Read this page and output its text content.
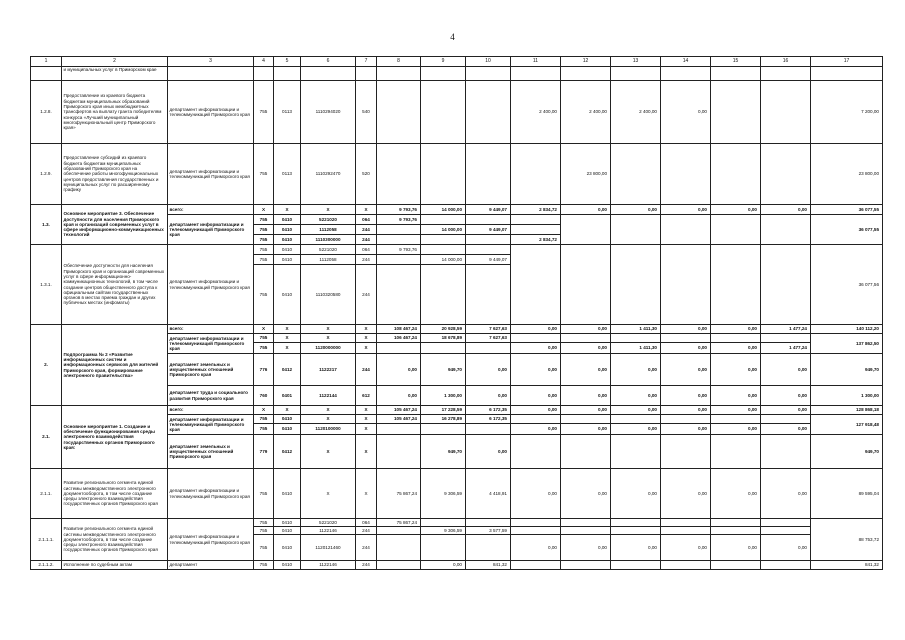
4
1	2	3	4	5	6	7	8	9	10	11	12	13	14	15	16	17
	и муниципальных услуг в Приморском крае															
1.2.8.	Предоставление из краевого бюджета бюджетам муниципальных образований Приморского края иных межбюджетных трансфертов на выплату гранта победителям конкурса «Лучший муниципальный многофункциональный центр Приморского края»	департамент информатизации и телекоммуникаций Приморского края	755	0113	1110294020	540				2 400,00	2 400,00	2 400,00	0,00			7 200,00
1.2.9.	Предоставление субсидий из краевого бюджета бюджетам муниципальных образований Приморского края на обеспечение работы многофункциональных центров предоставления государственных и муниципальных услуг по расширенному графику	департамент информатизации и телекоммуникаций Приморского края	755	0113	1110292470	520					23 800,00					23 800,00
1.3.	Основное мероприятие 3. Обеспечение доступности для населения Приморского края и организаций современных услуг в сфере информационно-коммуникационных технологий	всего:	X	X	X	X	9 793,76	14 000,00	9 449,07	2 834,72	0,00	0,00	0,00	0,00	0,00	36 077,55
		департамент информатизации и телекоммуникаций Приморского края	755	0410	5221020	064	9 793,76									36 077,55
			755	0410	1112058	244		14 000,00	9 449,07							
			755	0410	1110300000	244				2 834,72						
1.3.1.	Обеспечение доступности для населения Приморского края и организаций современных услуг в сфере информационно-коммуникационных технологий, в том числе создание центров общественного доступа к официальным сайтам государственных органов в местах приема граждан и других публичных местах (инфоматы)	департамент информатизации и телекоммуникаций Приморского края	755	0410	5221020	064	9 793,76									36 077,56
			755	0410	1112058	244		14 000,00	9 449,07							
			755	0410	1110320580	244										
2.	Подпрограмма № 2 «Развитие информационных систем и информационных сервисов для жителей Приморского края, формирование электронного правительства»	всего:	X	X	X	X	108 467,24	20 928,59	7 627,63	0,00	0,00	1 411,30	0,00	0,00	1 477,24	140 112,20
		департамент информатизации и телекоммуникаций Приморского края	755	X	X	X	106 467,24	18 678,89	7 627,63							137 862,50
			755	X	1120000000	X				0,00	0,00	1 411,30	0,00	0,00	1 477,24	
		департамент земельных и имущественных отношений Приморского края	776	0412	1122217	244	0,00	949,70	0,00	0,00	0,00	0,00	0,00	0,00	0,00	949,70
		департамент труда и социального развития Приморского края	760	0401	1122144	612	0,00	1 300,00	0,00	0,00	0,00	0,00	0,00	0,00	0,00	1 300,00
2.1.	Основное мероприятие 1. Создание и обеспечение функционирования среды электронного взаимодействия государственных органов Приморского края:	всего:	X	X	X	X	105 467,24	17 228,59	6 172,35	0,00	0,00	0,00	0,00	0,00	0,00	128 868,18
		департамент информатизации и телекоммуникаций Приморского края	755	0410	X	X	105 467,24	16 278,89	6 172,35							127 918,48
			755	0410	1120100000	X				0,00	0,00	0,00	0,00	0,00	0,00	
		департамент земельных и имущественных отношений Приморского края	779	0412	X	X		949,70	0,00							949,70
2.1.1.	Развитие регионального сегмента единой системы межведомственного электронного документооборота, в том числе создание среды электронного взаимодействия государственных органов Приморского края	департамент информатизации и телекоммуникаций Приморского края	755	0410	X	X	75 867,24	9 306,59	4 418,91	0,00	0,00	0,00	0,00	0,00	0,00	89 595,04
2.1.1.1.	Развитие регионального сегмента единой системы межведомственного электронного документооборота, в том числе создание среды электронного взаимодействия государственных органов Приморского края	департамент информатизации и телекоммуникаций Приморского края	755	0410	5221020	064	75 867,24									88 753,72
			755	0410	1122146	244		9 306,59	3 577,59							
			755	0410	1120121460	244				0,00	0,00	0,00	0,00	0,00	0,00	
2.1.1.2.	Исполнение по судебным актам	департамент	755	0410	1122146	244		0,00	841,32							841,32
